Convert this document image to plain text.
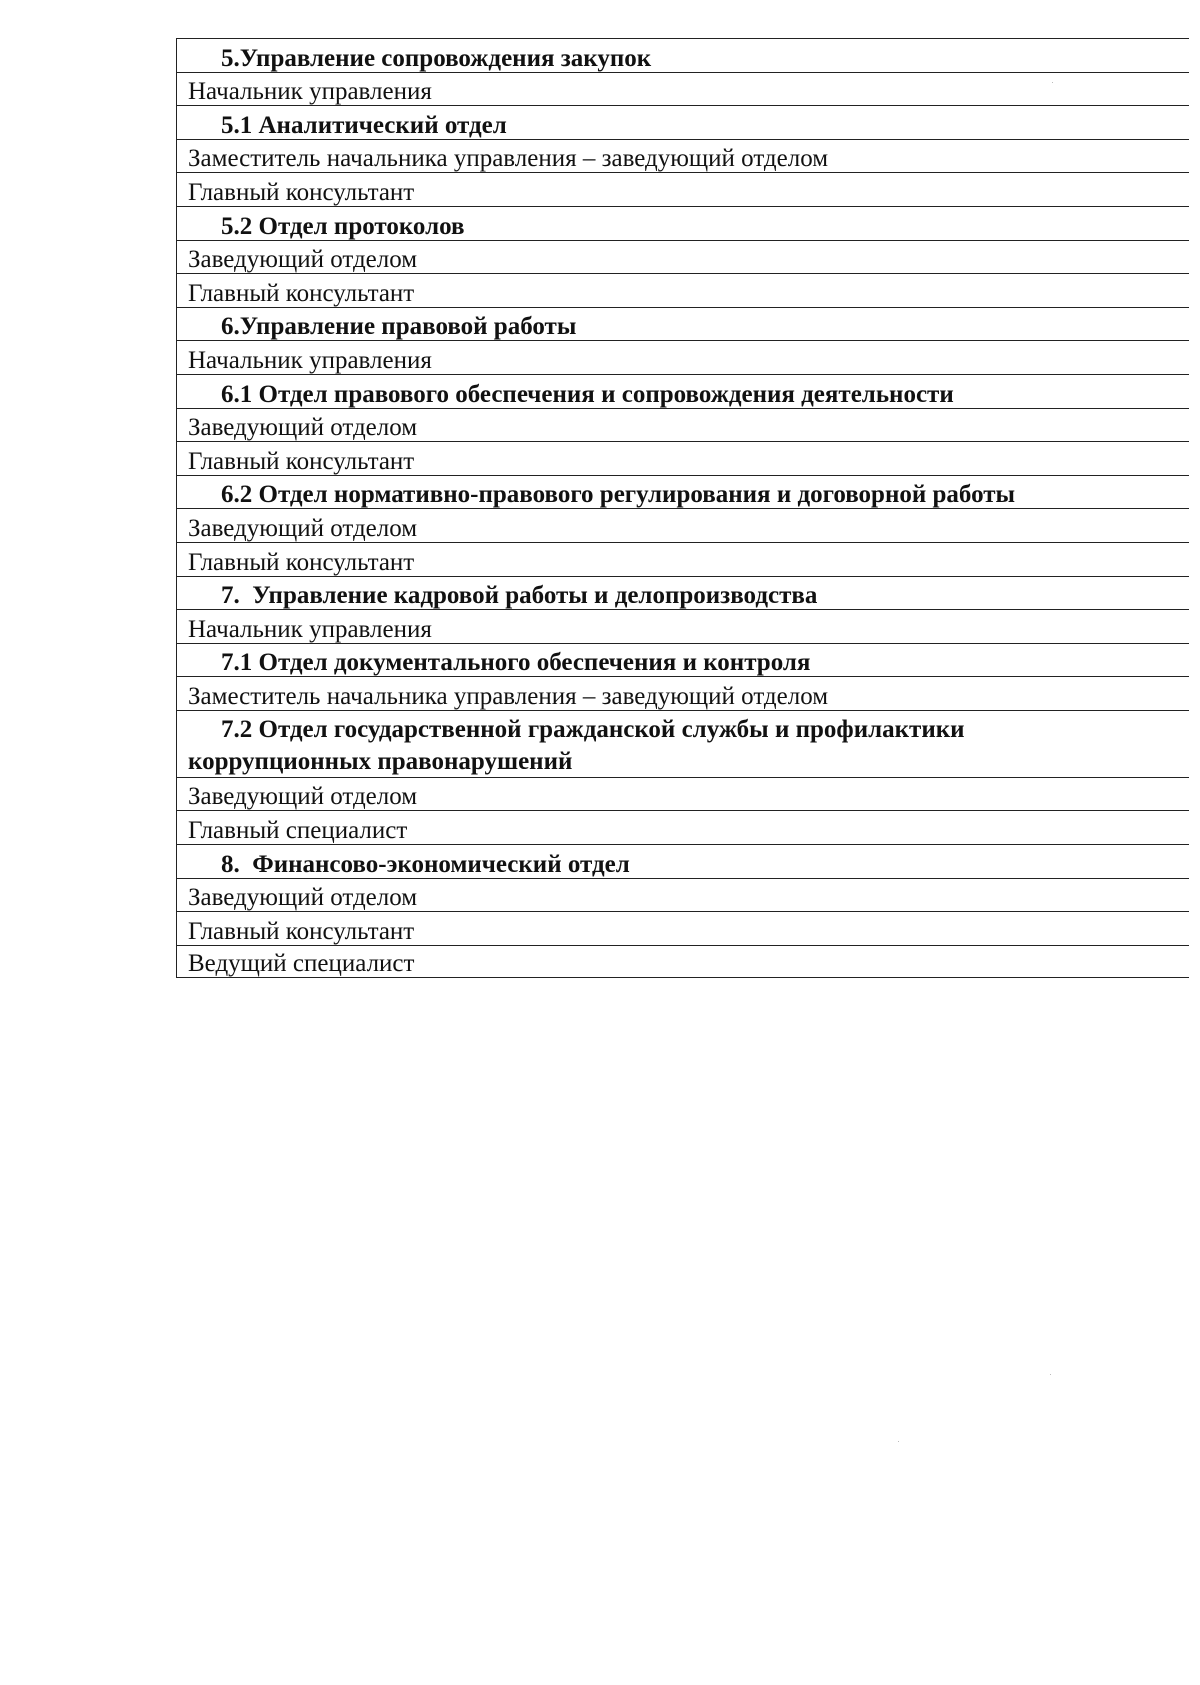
5.Управление сопровождения закупок
Начальник управления
5.1 Аналитический отдел
Заместитель начальника управления – заведующий отделом
Главный консультант
5.2 Отдел протоколов
Заведующий отделом
Главный консультант
6.Управление правовой работы
Начальник управления
6.1 Отдел правового обеспечения и сопровождения деятельности
Заведующий отделом
Главный консультант
6.2 Отдел нормативно-правового регулирования и договорной работы
Заведующий отделом
Главный консультант
7.  Управление кадровой работы и делопроизводства
Начальник управления
7.1 Отдел документального обеспечения и контроля
Заместитель начальника управления – заведующий отделом
7.2 Отдел государственной гражданской службы и профилактики
коррупционных правонарушений
Заведующий отделом
Главный специалист
8.  Финансово-экономический отдел
Заведующий отделом
Главный консультант
Ведущий специалист
